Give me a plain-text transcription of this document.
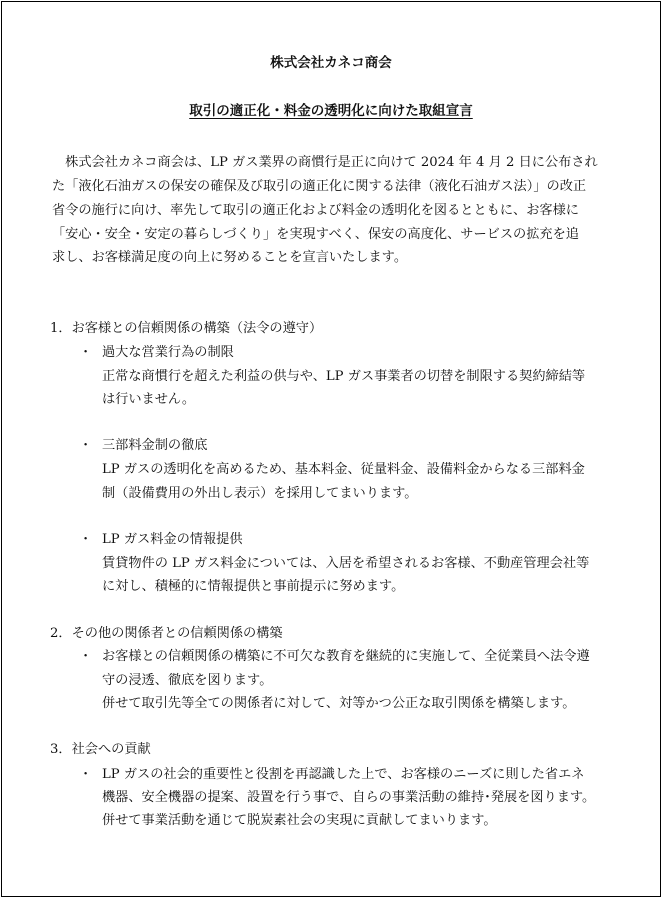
株式会社カネコ商会
取引の適正化・料金の透明化に向けた取組宣言
　株式会社カネコ商会は、LP ガス業界の商慣行是正に向けて 2024 年 4 月 2 日に公布され
た「液化石油ガスの保安の確保及び取引の適正化に関する法律（液化石油ガス法）」の改正
省令の施行に向け、率先して取引の適正化および料金の透明化を図るとともに、お客様に
「安心・安全・安定の暮らしづくり」を実現すべく、保安の高度化、サービスの拡充を追
求し、お客様満足度の向上に努めることを宣言いたします。
1．お客様との信頼関係の構築（法令の遵守）
・ 過大な営業行為の制限
正常な商慣行を超えた利益の供与や、LP ガス事業者の切替を制限する契約締結等
は行いません。
・ 三部料金制の徹底
LP ガスの透明化を高めるため、基本料金、従量料金、設備料金からなる三部料金
制（設備費用の外出し表示）を採用してまいります。
・ LP ガス料金の情報提供
賃貸物件の LP ガス料金については、入居を希望されるお客様、不動産管理会社等
に対し、積極的に情報提供と事前提示に努めます。
2．その他の関係者との信頼関係の構築
・ お客様との信頼関係の構築に不可欠な教育を継続的に実施して、全従業員へ法令遵
守の浸透、徹底を図ります。
併せて取引先等全ての関係者に対して、対等かつ公正な取引関係を構築します。
3．社会への貢献
・ LP ガスの社会的重要性と役割を再認識した上で、お客様のニーズに則した省エネ
機器、安全機器の提案、設置を行う事で、自らの事業活動の維持･発展を図ります。
併せて事業活動を通じて脱炭素社会の実現に貢献してまいります。
